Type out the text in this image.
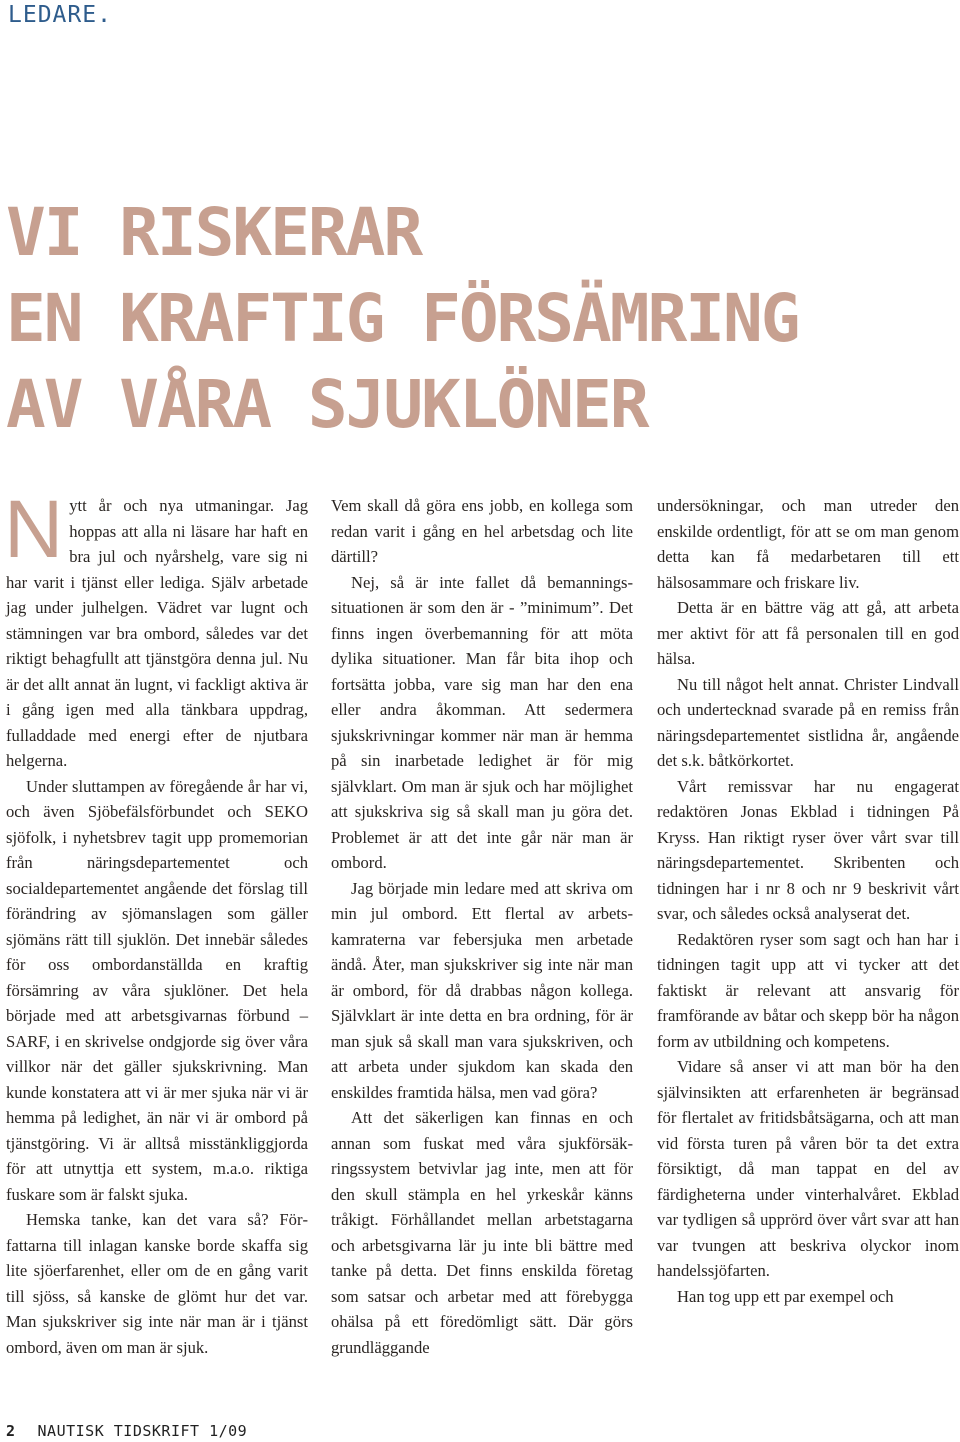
LEDARE.
VI RISKERAR
EN KRAFTIG FÖRSÄMRING
AV VÅRA SJUKLÖNER

Nytt år och nya utmaningar. Jag hoppas att alla ni läsare har haft en bra jul och nyårshelg, vare sig ni har varit i tjänst eller lediga. Själv arbetade jag under julhelgen. Vädret var lugnt och stämningen var bra ombord, således var det riktigt behagfullt att tjänstgöra denna jul. Nu är det allt annat än lugnt, vi fackligt aktiva är i gång igen med alla tänkbara uppdrag, fulladdade med energi efter de njutbara helgerna.

Under sluttampen av föregående år har vi, och även Sjöbefälsförbundet och SEKO sjöfolk, i nyhetsbrev tagit upp promemorian från näringsdepartementet och socialdepartementet angående det förslag till förändring av sjömanslagen som gäller sjömäns rätt till sjuklön. Det innebär således för oss ombordanställda en kraftig försämring av våra sjuklöner. Det hela började med att arbetsgivarnas förbund – SARF, i en skrivelse ondgjorde sig över våra villkor när det gäller sjukskrivning. Man kunde konstatera att vi är mer sjuka när vi är hemma på ledighet, än när vi är ombord på tjänstgöring. Vi är alltså misstänkliggjorda för att utnyttja ett system, m.a.o. riktiga fuskare som är falskt sjuka.

Hemska tanke, kan det vara så? Författarna till inlagan kanske borde skaffa sig lite sjöerfarenhet, eller om de en gång varit till sjöss, så kanske de glömt hur det var. Man sjukskriver sig inte när man är i tjänst ombord, även om man är sjuk.

Vem skall då göra ens jobb, en kollega som redan varit i gång en hel arbetsdag och lite därtill?

Nej, så är inte fallet då bemanningssituationen är som den är - ”minimum”. Det finns ingen överbemanning för att möta dylika situationer. Man får bita ihop och fortsätta jobba, vare sig man har den ena eller andra åkomman. Att sedermera sjukskrivningar kommer när man är hemma på sin inarbetade ledighet är för mig självklart. Om man är sjuk och har möjlighet att sjukskriva sig så skall man ju göra det. Problemet är att det inte går när man är ombord.

Jag började min ledare med att skriva om min jul ombord. Ett flertal av arbetskamraterna var febersjuka men arbetade ändå. Åter, man sjukskriver sig inte när man är ombord, för då drabbas någon kollega. Självklart är inte detta en bra ordning, för är man sjuk så skall man vara sjukskriven, och att arbeta under sjukdom kan skada den enskildes framtida hälsa, men vad göra?

Att det säkerligen kan finnas en och annan som fuskat med våra sjukförsäkringssystem betvivlar jag inte, men att för den skull stämpla en hel yrkeskår känns tråkigt. Förhållandet mellan arbetstagarna och arbetsgivarna lär ju inte bli bättre med tanke på detta. Det finns enskilda företag som satsar och arbetar med att förebygga ohälsa på ett föredömligt sätt. Där görs grundläggande

undersökningar, och man utreder den enskilde ordentligt, för att se om man genom detta kan få medarbetaren till ett hälsosammare och friskare liv.

Detta är en bättre väg att gå, att arbeta mer aktivt för att få personalen till en god hälsa.

Nu till något helt annat. Christer Lindvall och undertecknad svarade på en remiss från näringsdepartementet sistlidna år, angående det s.k. båtkörkortet.

Vårt remissvar har nu engagerat redaktören Jonas Ekblad i tidningen På Kryss. Han riktigt ryser över vårt svar till näringsdepartementet. Skribenten och tidningen har i nr 8 och nr 9 beskrivit vårt svar, och således också analyserat det.

Redaktören ryser som sagt och han har i tidningen tagit upp att vi tycker att det faktiskt är relevant att ansvarig för framförande av båtar och skepp bör ha någon form av utbildning och kompetens.

Vidare så anser vi att man bör ha den självinsikten att erfarenheten är begränsad för flertalet av fritidsbåtsägarna, och att man vid första turen på våren bör ta det extra försiktigt, då man tappat en del av färdigheterna under vinterhalvåret. Ekblad var tydligen så upprörd över vårt svar att han var tvungen att beskriva olyckor inom handelssjöfarten.

Han tog upp ett par exempel och

2 NAUTISK TIDSKRIFT 1/09
